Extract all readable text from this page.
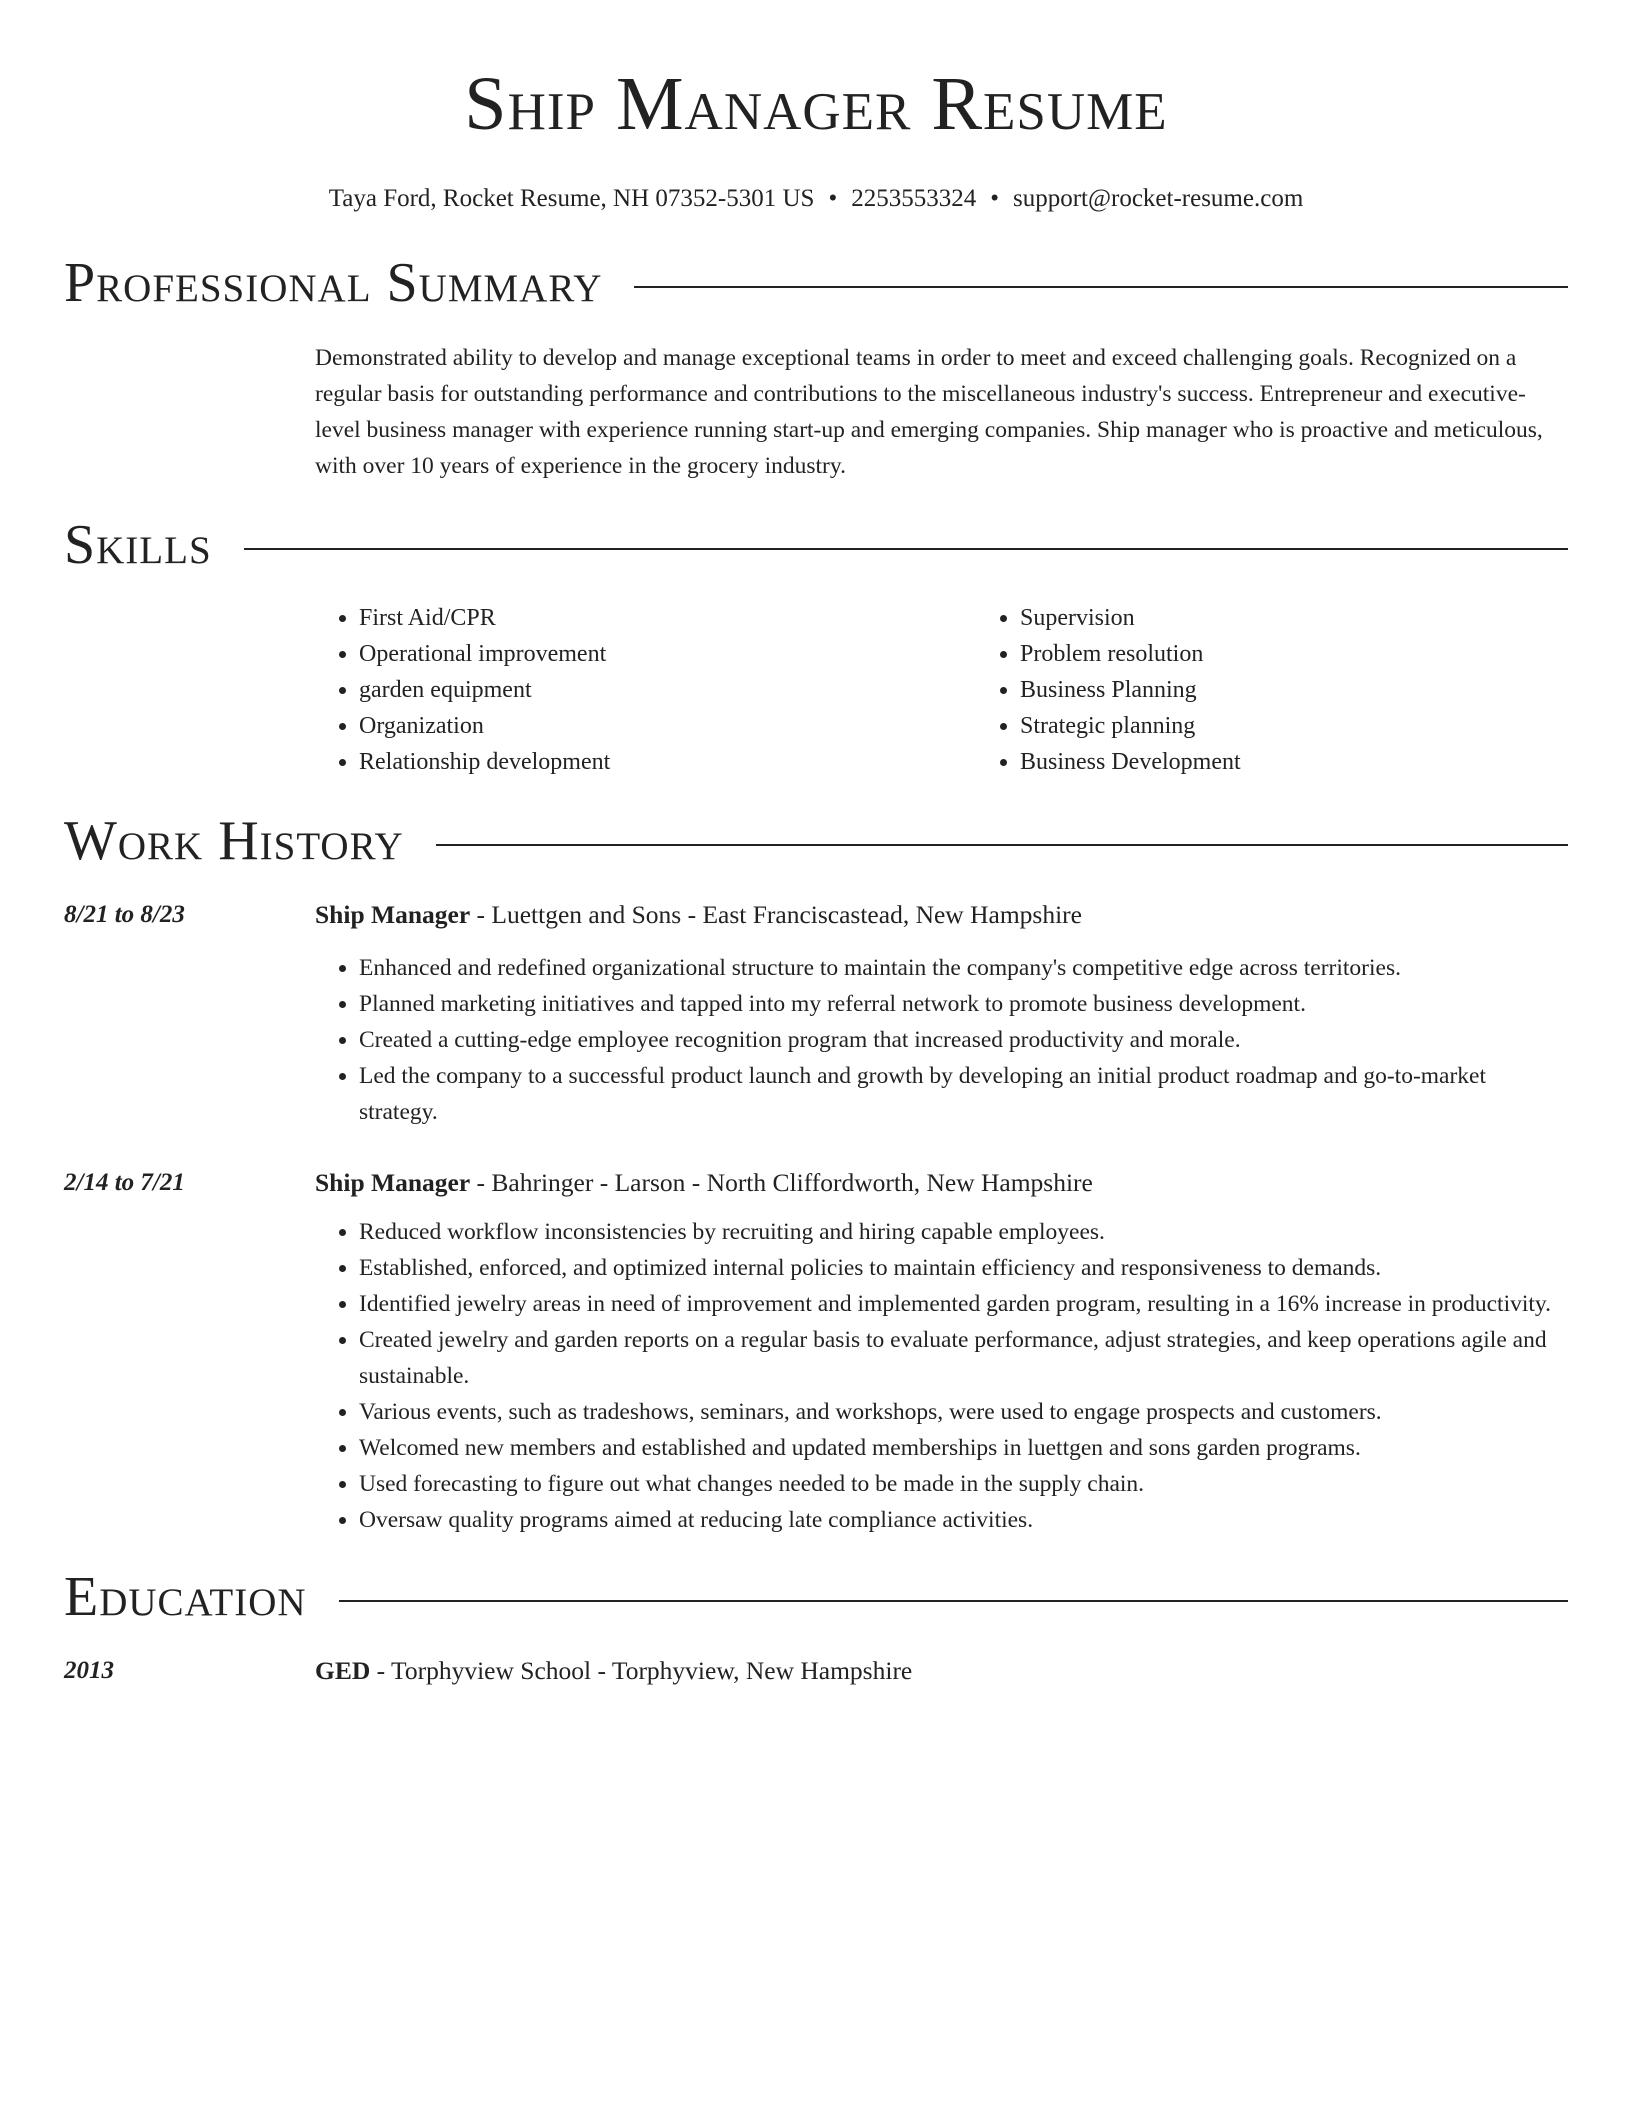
Ship Manager Resume
Taya Ford, Rocket Resume, NH 07352-5301 US • 2253553324 • support@rocket-resume.com
Professional Summary
Demonstrated ability to develop and manage exceptional teams in order to meet and exceed challenging goals. Recognized on a regular basis for outstanding performance and contributions to the miscellaneous industry's success. Entrepreneur and executive-level business manager with experience running start-up and emerging companies. Ship manager who is proactive and meticulous, with over 10 years of experience in the grocery industry.
Skills
• First Aid/CPR
• Operational improvement
• garden equipment
• Organization
• Relationship development
• Supervision
• Problem resolution
• Business Planning
• Strategic planning
• Business Development
Work History
8/21 to 8/23	Ship Manager - Luettgen and Sons - East Franciscastead, New Hampshire
• Enhanced and redefined organizational structure to maintain the company's competitive edge across territories.
• Planned marketing initiatives and tapped into my referral network to promote business development.
• Created a cutting-edge employee recognition program that increased productivity and morale.
• Led the company to a successful product launch and growth by developing an initial product roadmap and go-to-market strategy.
2/14 to 7/21	Ship Manager - Bahringer - Larson - North Cliffordworth, New Hampshire
• Reduced workflow inconsistencies by recruiting and hiring capable employees.
• Established, enforced, and optimized internal policies to maintain efficiency and responsiveness to demands.
• Identified jewelry areas in need of improvement and implemented garden program, resulting in a 16% increase in productivity.
• Created jewelry and garden reports on a regular basis to evaluate performance, adjust strategies, and keep operations agile and sustainable.
• Various events, such as tradeshows, seminars, and workshops, were used to engage prospects and customers.
• Welcomed new members and established and updated memberships in luettgen and sons garden programs.
• Used forecasting to figure out what changes needed to be made in the supply chain.
• Oversaw quality programs aimed at reducing late compliance activities.
Education
2013	GED - Torphyview School - Torphyview, New Hampshire
